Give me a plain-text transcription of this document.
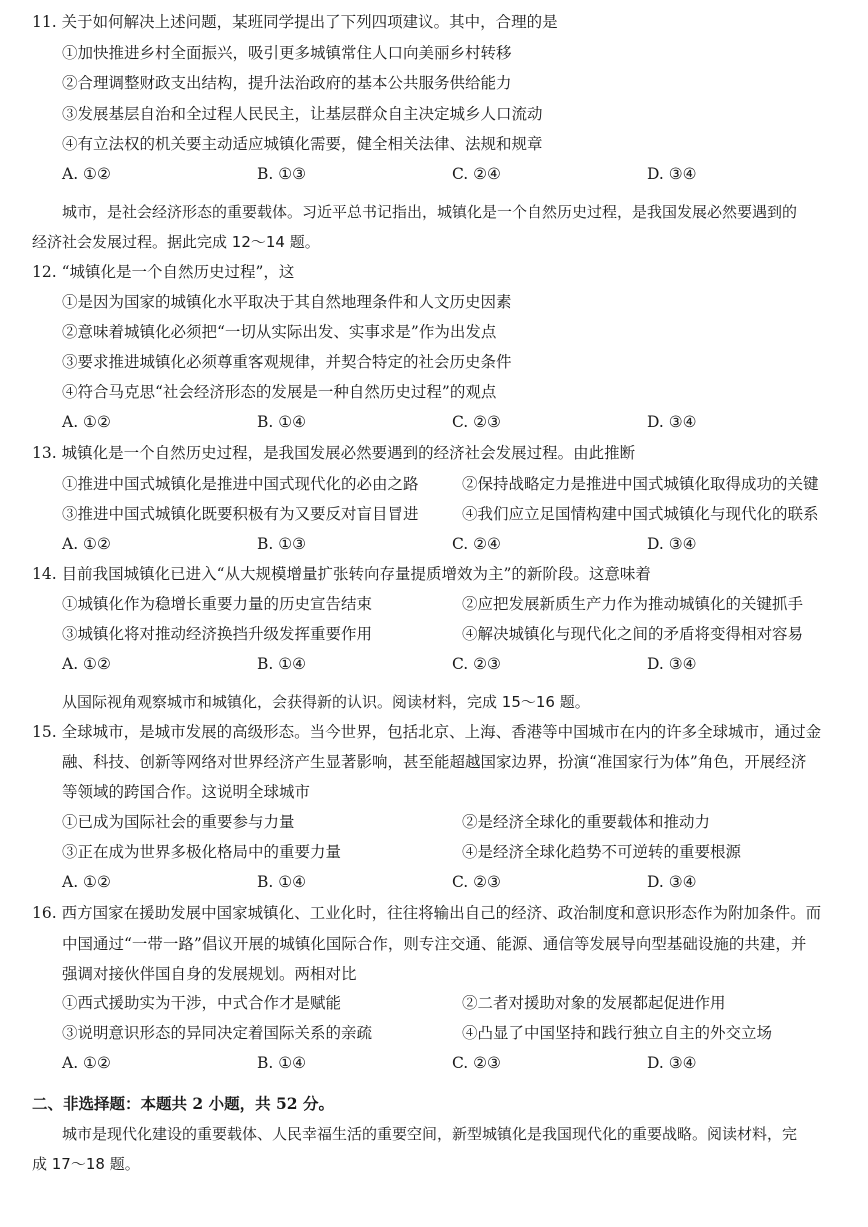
11. 关于如何解决上述问题，某班同学提出了下列四项建议。其中，合理的是
①加快推进乡村全面振兴，吸引更多城镇常住人口向美丽乡村转移
②合理调整财政支出结构，提升法治政府的基本公共服务供给能力
③发展基层自治和全过程人民民主，让基层群众自主决定城乡人口流动
④有立法权的机关要主动适应城镇化需要，健全相关法律、法规和规章
A. ①②	B. ①③	C. ②④	D. ③④
城市，是社会经济形态的重要载体。习近平总书记指出，城镇化是一个自然历史过程，是我国发展必然要遇到的
经济社会发展过程。据此完成 12～14 题。
12. “城镇化是一个自然历史过程”，这
①是因为国家的城镇化水平取决于其自然地理条件和人文历史因素
②意味着城镇化必须把“一切从实际出发、实事求是”作为出发点
③要求推进城镇化必须尊重客观规律，并契合特定的社会历史条件
④符合马克思“社会经济形态的发展是一种自然历史过程”的观点
A. ①②	B. ①④	C. ②③	D. ③④
13. 城镇化是一个自然历史过程，是我国发展必然要遇到的经济社会发展过程。由此推断
①推进中国式城镇化是推进中国式现代化的必由之路	②保持战略定力是推进中国式城镇化取得成功的关键
③推进中国式城镇化既要积极有为又要反对盲目冒进	④我们应立足国情构建中国式城镇化与现代化的联系
A. ①②	B. ①③	C. ②④	D. ③④
14. 目前我国城镇化已进入“从大规模增量扩张转向存量提质增效为主”的新阶段。这意味着
①城镇化作为稳增长重要力量的历史宣告结束	②应把发展新质生产力作为推动城镇化的关键抓手
③城镇化将对推动经济换挡升级发挥重要作用	④解决城镇化与现代化之间的矛盾将变得相对容易
A. ①②	B. ①④	C. ②③	D. ③④
从国际视角观察城市和城镇化，会获得新的认识。阅读材料，完成 15～16 题。
15. 全球城市，是城市发展的高级形态。当今世界，包括北京、上海、香港等中国城市在内的许多全球城市，通过金
融、科技、创新等网络对世界经济产生显著影响，甚至能超越国家边界，扮演“准国家行为体”角色，开展经济
等领域的跨国合作。这说明全球城市
①已成为国际社会的重要参与力量	②是经济全球化的重要载体和推动力
③正在成为世界多极化格局中的重要力量	④是经济全球化趋势不可逆转的重要根源
A. ①②	B. ①④	C. ②③	D. ③④
16. 西方国家在援助发展中国家城镇化、工业化时，往往将输出自己的经济、政治制度和意识形态作为附加条件。而
中国通过“一带一路”倡议开展的城镇化国际合作，则专注交通、能源、通信等发展导向型基础设施的共建，并
强调对接伙伴国自身的发展规划。两相对比
①西式援助实为干涉，中式合作才是赋能	②二者对援助对象的发展都起促进作用
③说明意识形态的异同决定着国际关系的亲疏	④凸显了中国坚持和践行独立自主的外交立场
A. ①②	B. ①④	C. ②③	D. ③④
二、非选择题：本题共 2 小题，共 52 分。
城市是现代化建设的重要载体、人民幸福生活的重要空间，新型城镇化是我国现代化的重要战略。阅读材料，完
成 17～18 题。
